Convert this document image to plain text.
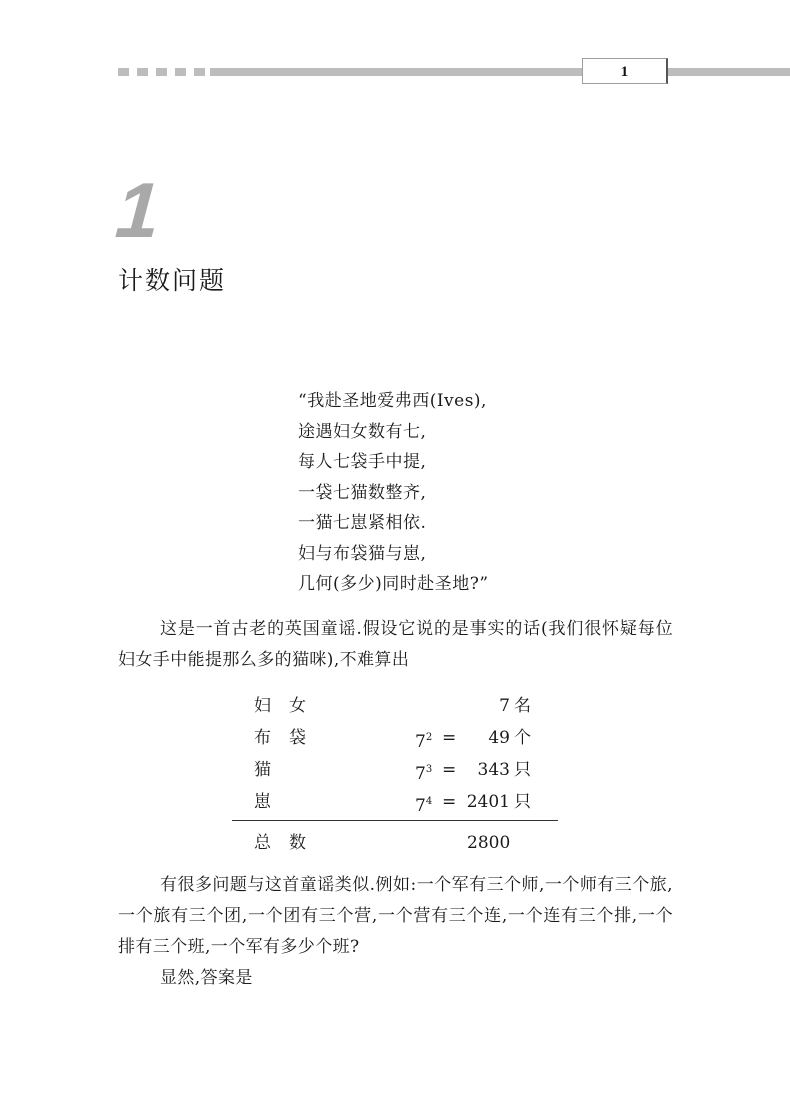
1
1
计数问题
“我赴圣地爱弗西(Ives),
途遇妇女数有七,
每人七袋手中提,
一袋七猫数整齐,
一猫七崽紧相依.
妇与布袋猫与崽,
几何(多少)同时赴圣地?”

这是一首古老的英国童谣.假设它说的是事实的话(我们很怀疑每位妇女手中能提那么多的猫咪),不难算出

妇女	7 名
布袋	$7^2 = 49$ 个
猫	$7^3 = 343$ 只
崽	$7^4 = 2401$ 只
总数	2800

有很多问题与这首童谣类似.例如:一个军有三个师,一个师有三个旅,一个旅有三个团,一个团有三个营,一个营有三个连,一个连有三个排,一个排有三个班,一个军有多少个班?

显然,答案是
